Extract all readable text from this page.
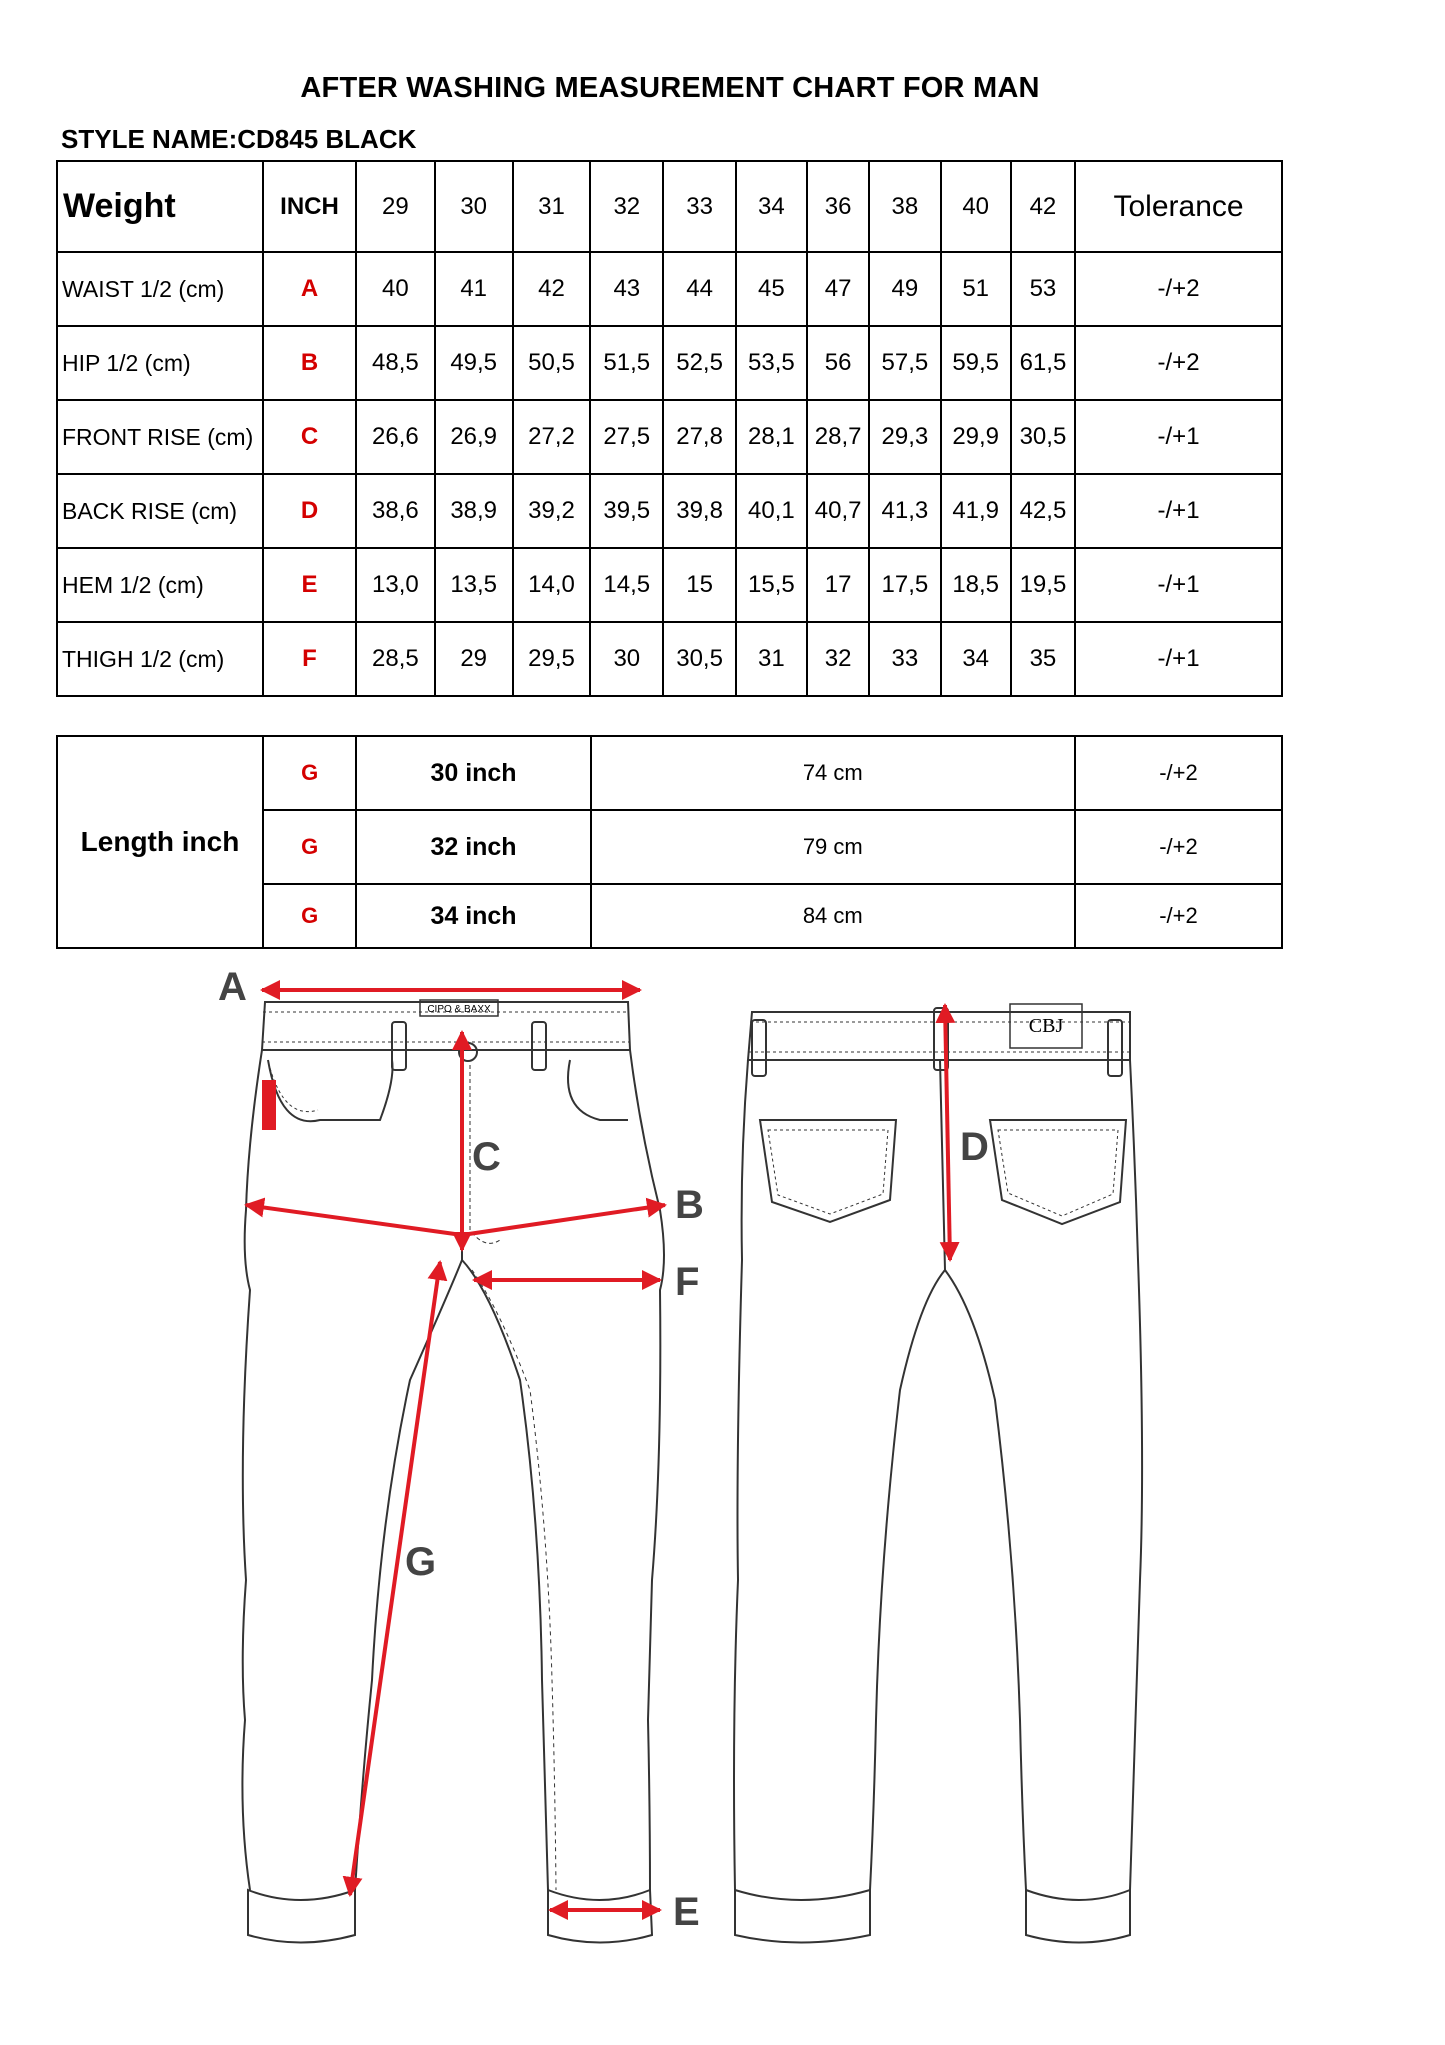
AFTER WASHING MEASUREMENT CHART FOR MAN
STYLE NAME:CD845 BLACK
Weight	INCH	29	30	31	32	33	34	36	38	40	42	Tolerance
WAIST 1/2 (cm)	A	40	41	42	43	44	45	47	49	51	53	-/+2
HIP 1/2 (cm)	B	48,5	49,5	50,5	51,5	52,5	53,5	56	57,5	59,5	61,5	-/+2
FRONT RISE (cm)	C	26,6	26,9	27,2	27,5	27,8	28,1	28,7	29,3	29,9	30,5	-/+1
BACK RISE (cm)	D	38,6	38,9	39,2	39,5	39,8	40,1	40,7	41,3	41,9	42,5	-/+1
HEM 1/2 (cm)	E	13,0	13,5	14,0	14,5	15	15,5	17	17,5	18,5	19,5	-/+1
THIGH 1/2 (cm)	F	28,5	29	29,5	30	30,5	31	32	33	34	35	-/+1
Length inch	G	30 inch	74 cm	-/+2
	G	32 inch	79 cm	-/+2
	G	34 inch	84 cm	-/+2
CIPO & BAXX
CBJ
A
C
B
F
G
E
D
